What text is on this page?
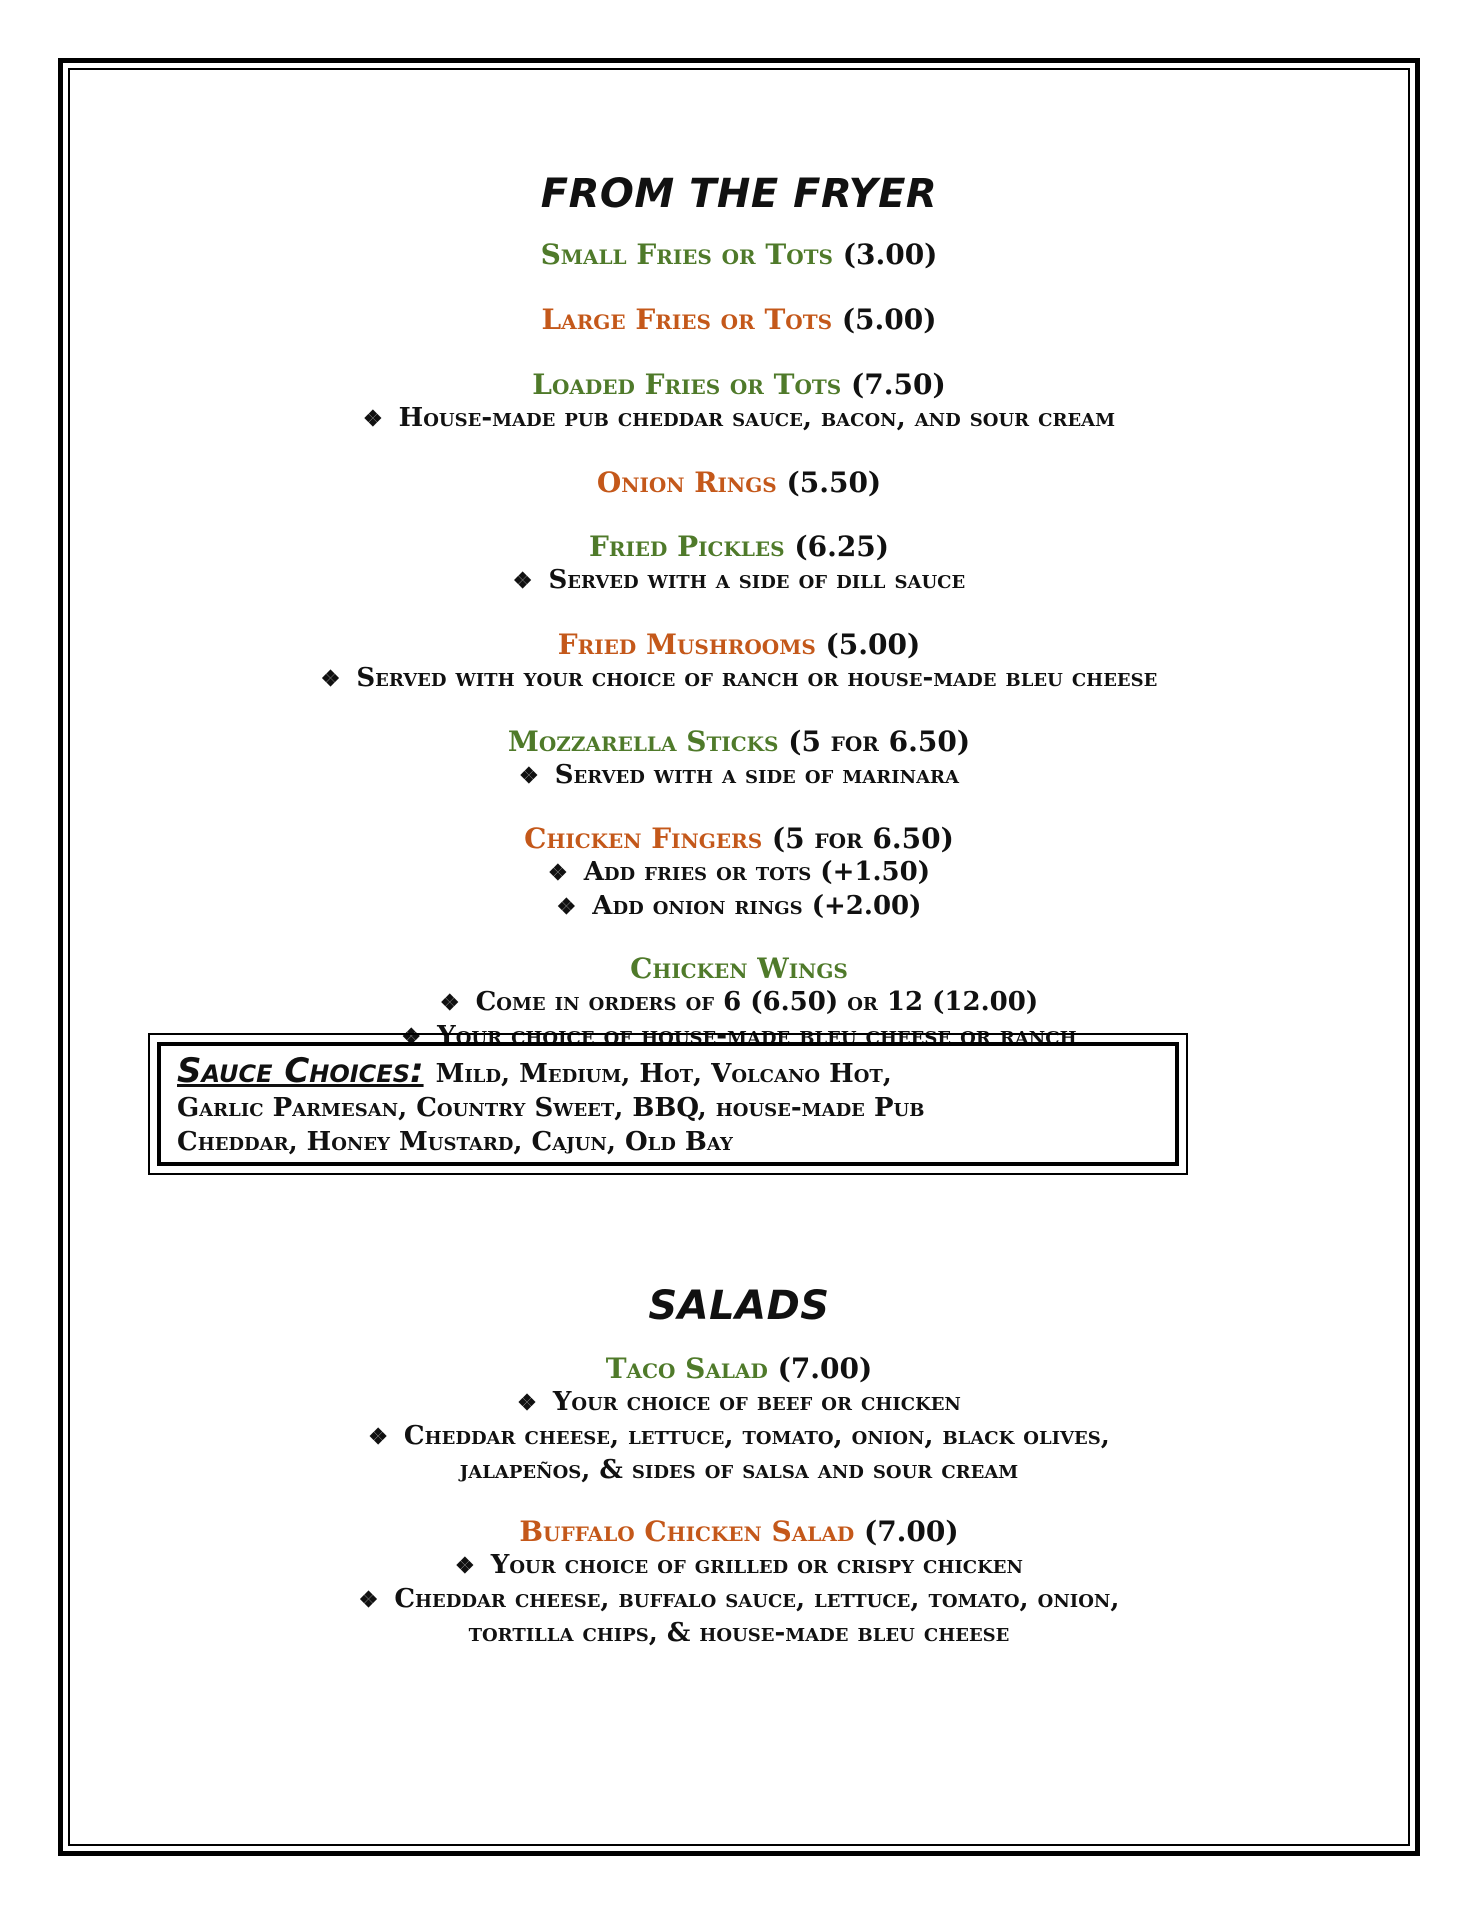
FROM THE FRYER

Small Fries or Tots (3.00)

Large Fries or Tots (5.00)

Loaded Fries or Tots (7.50)

❖ House-made pub cheddar sauce, bacon, and sour cream

Onion Rings (5.50)

Fried Pickles (6.25)

❖ Served with a side of dill sauce

Fried Mushrooms (5.00)

❖ Served with your choice of ranch or house-made bleu cheese

Mozzarella Sticks (5 for 6.50)

❖ Served with a side of marinara

Chicken Fingers (5 for 6.50)

❖ Add fries or tots (+1.50)

❖ Add onion rings (+2.00)

Chicken Wings

❖ Come in orders of 6 (6.50) or 12 (12.00)

❖ Your choice of house-made bleu cheese or ranch

Sauce Choices: Mild, Medium, Hot, Volcano Hot,

Garlic Parmesan, Country Sweet, BBQ, house-made Pub

Cheddar, Honey Mustard, Cajun, Old Bay

SALADS

Taco Salad (7.00)

❖ Your choice of beef or chicken

❖ Cheddar cheese, lettuce, tomato, onion, black olives,

jalapeños, & sides of salsa and sour cream

Buffalo Chicken Salad (7.00)

❖ Your choice of grilled or crispy chicken

❖ Cheddar cheese, buffalo sauce, lettuce, tomato, onion,

tortilla chips, & house-made bleu cheese
